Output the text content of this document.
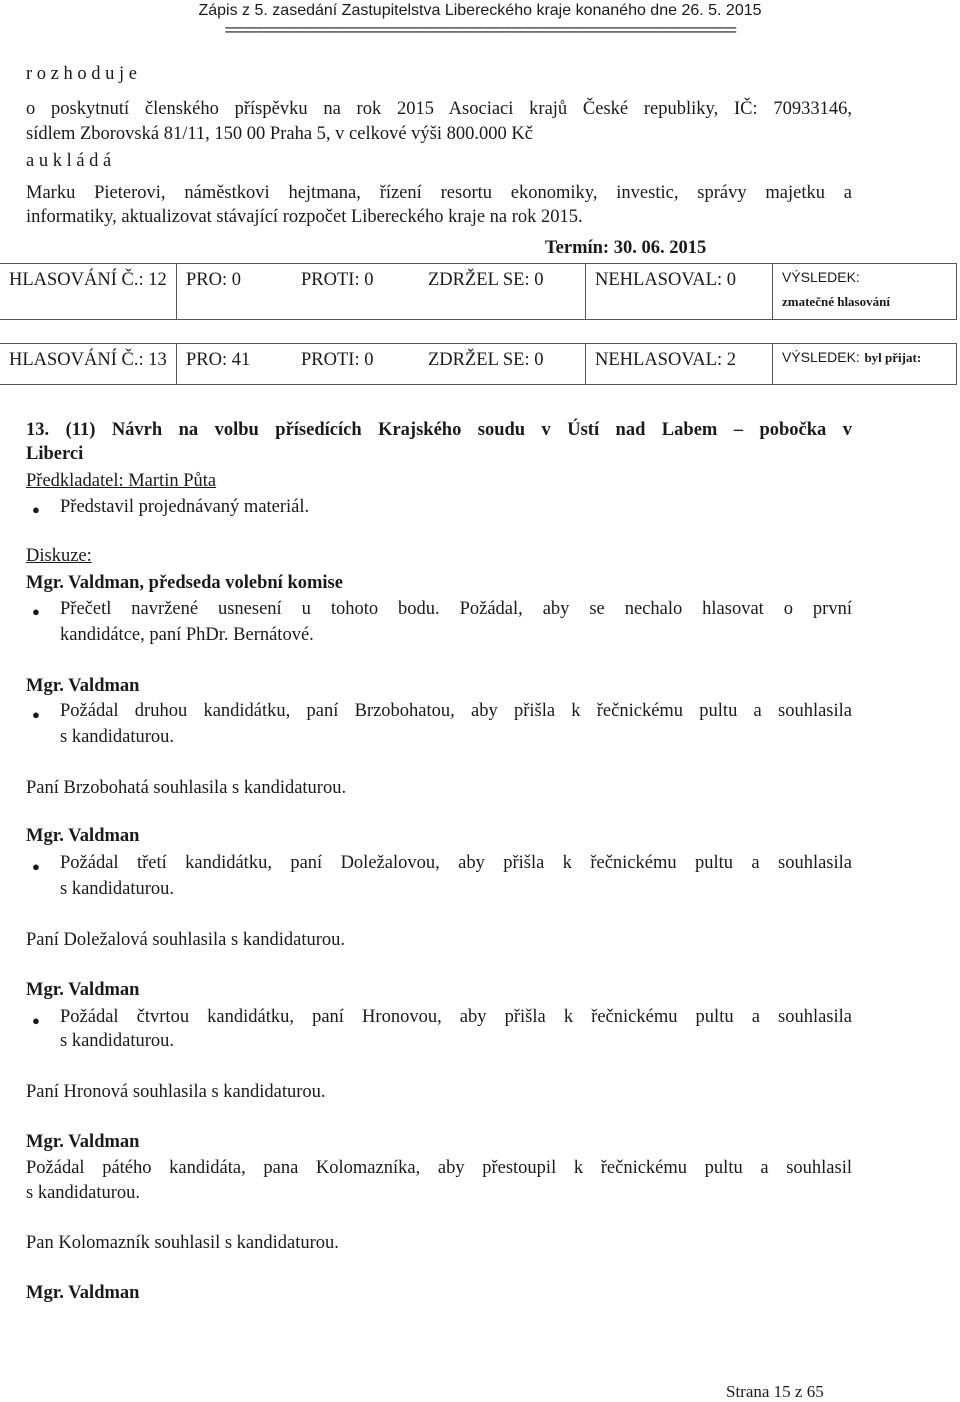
Zápis z 5. zasedání Zastupitelstva Libereckého kraje konaného dne 26. 5. 2015
==================================================================
r o z h o d u j e
o poskytnutí členského příspěvku na rok 2015 Asociaci krajů České republiky, IČ: 70933146,
sídlem Zborovská 81/11, 150 00 Praha 5, v celkové výši 800.000 Kč
a u k l á d á
Marku Pieterovi, náměstkovi hejtmana, řízení resortu ekonomiky, investic, správy majetku a
informatiky, aktualizovat stávající rozpočet Libereckého kraje na rok 2015.
Termín: 30. 06. 2015
HLASOVÁNÍ Č.: 12	PRO: 0	PROTI: 0	ZDRŽEL SE: 0	NEHLASOVAL: 0	VÝSLEDEK:
zmatečné hlasování
HLASOVÁNÍ Č.: 13	PRO: 41	PROTI: 0	ZDRŽEL SE: 0	NEHLASOVAL: 2	VÝSLEDEK: byl přijat:
13. (11) Návrh na volbu přísedících Krajského soudu v Ústí nad Labem – pobočka v
Liberci
Předkladatel: Martin Půta
● Představil projednávaný materiál.
Diskuze:
Mgr. Valdman, předseda volební komise
● Přečetl navržené usnesení u tohoto bodu. Požádal, aby se nechalo hlasovat o první
kandidátce, paní PhDr. Bernátové.
Mgr. Valdman
● Požádal druhou kandidátku, paní Brzobohatou, aby přišla k řečnickému pultu a souhlasila
s kandidaturou.
Paní Brzobohatá souhlasila s kandidaturou.
Mgr. Valdman
● Požádal třetí kandidátku, paní Doležalovou, aby přišla k řečnickému pultu a souhlasila
s kandidaturou.
Paní Doležalová souhlasila s kandidaturou.
Mgr. Valdman
● Požádal čtvrtou kandidátku, paní Hronovou, aby přišla k řečnickému pultu a souhlasila
s kandidaturou.
Paní Hronová souhlasila s kandidaturou.
Mgr. Valdman
Požádal pátého kandidáta, pana Kolomazníka, aby přestoupil k řečnickému pultu a souhlasil
s kandidaturou.
Pan Kolomazník souhlasil s kandidaturou.
Mgr. Valdman
Strana 15 z 65
